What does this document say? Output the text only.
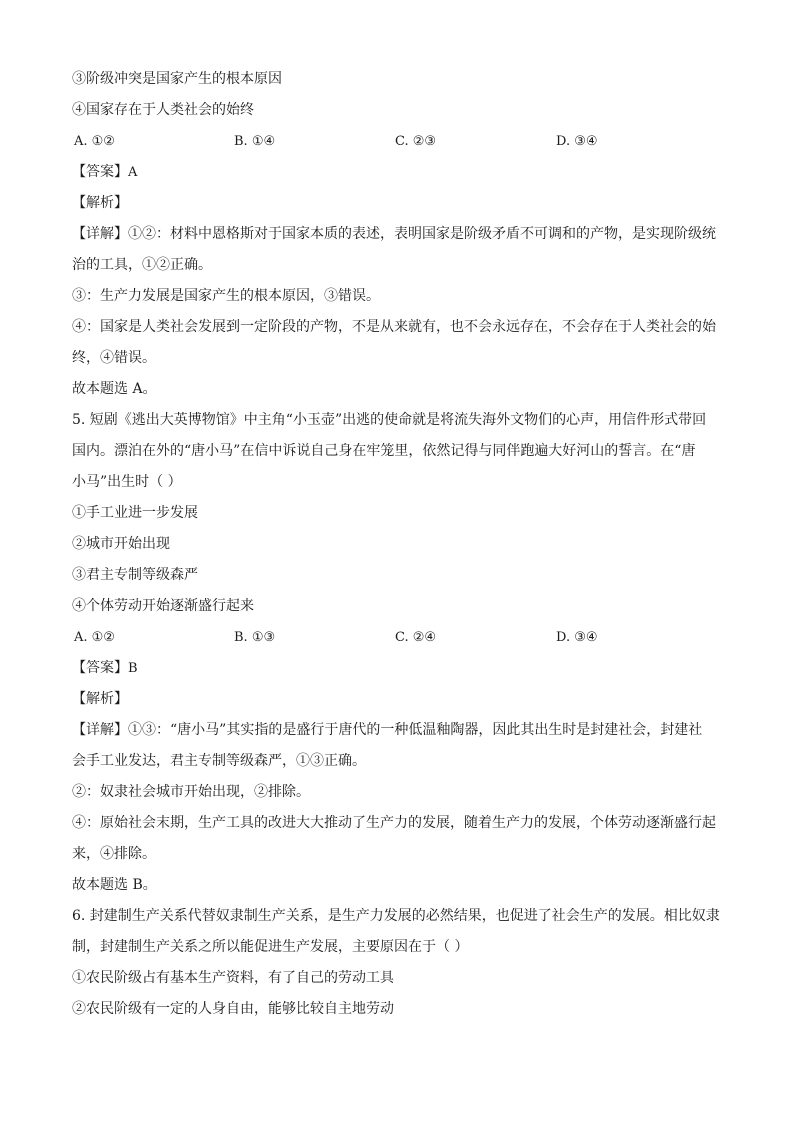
③阶级冲突是国家产生的根本原因
④国家存在于人类社会的始终
A. ①②	B. ①④	C. ②③	D. ③④
【答案】A
【解析】
【详解】①②：材料中恩格斯对于国家本质的表述，表明国家是阶级矛盾不可调和的产物，是实现阶级统
治的工具，①②正确。
③：生产力发展是国家产生的根本原因，③错误。
④：国家是人类社会发展到一定阶段的产物，不是从来就有，也不会永远存在，不会存在于人类社会的始
终，④错误。
故本题选 A。
5. 短剧《逃出大英博物馆》中主角“小玉壶”出逃的使命就是将流失海外文物们的心声，用信件形式带回
国内。漂泊在外的“唐小马”在信中诉说自己身在牢笼里，依然记得与同伴跑遍大好河山的誓言。在“唐
小马”出生时（ ）
①手工业进一步发展
②城市开始出现
③君主专制等级森严
④个体劳动开始逐渐盛行起来
A. ①②	B. ①③	C. ②④	D. ③④
【答案】B
【解析】
【详解】①③：“唐小马”其实指的是盛行于唐代的一种低温釉陶器，因此其出生时是封建社会，封建社
会手工业发达，君主专制等级森严，①③正确。
②：奴隶社会城市开始出现，②排除。
④：原始社会末期，生产工具的改进大大推动了生产力的发展，随着生产力的发展，个体劳动逐渐盛行起
来，④排除。
故本题选 B。
6. 封建制生产关系代替奴隶制生产关系，是生产力发展的必然结果，也促进了社会生产的发展。相比奴隶
制，封建制生产关系之所以能促进生产发展，主要原因在于（ ）
①农民阶级占有基本生产资料，有了自己的劳动工具
②农民阶级有一定的人身自由，能够比较自主地劳动
